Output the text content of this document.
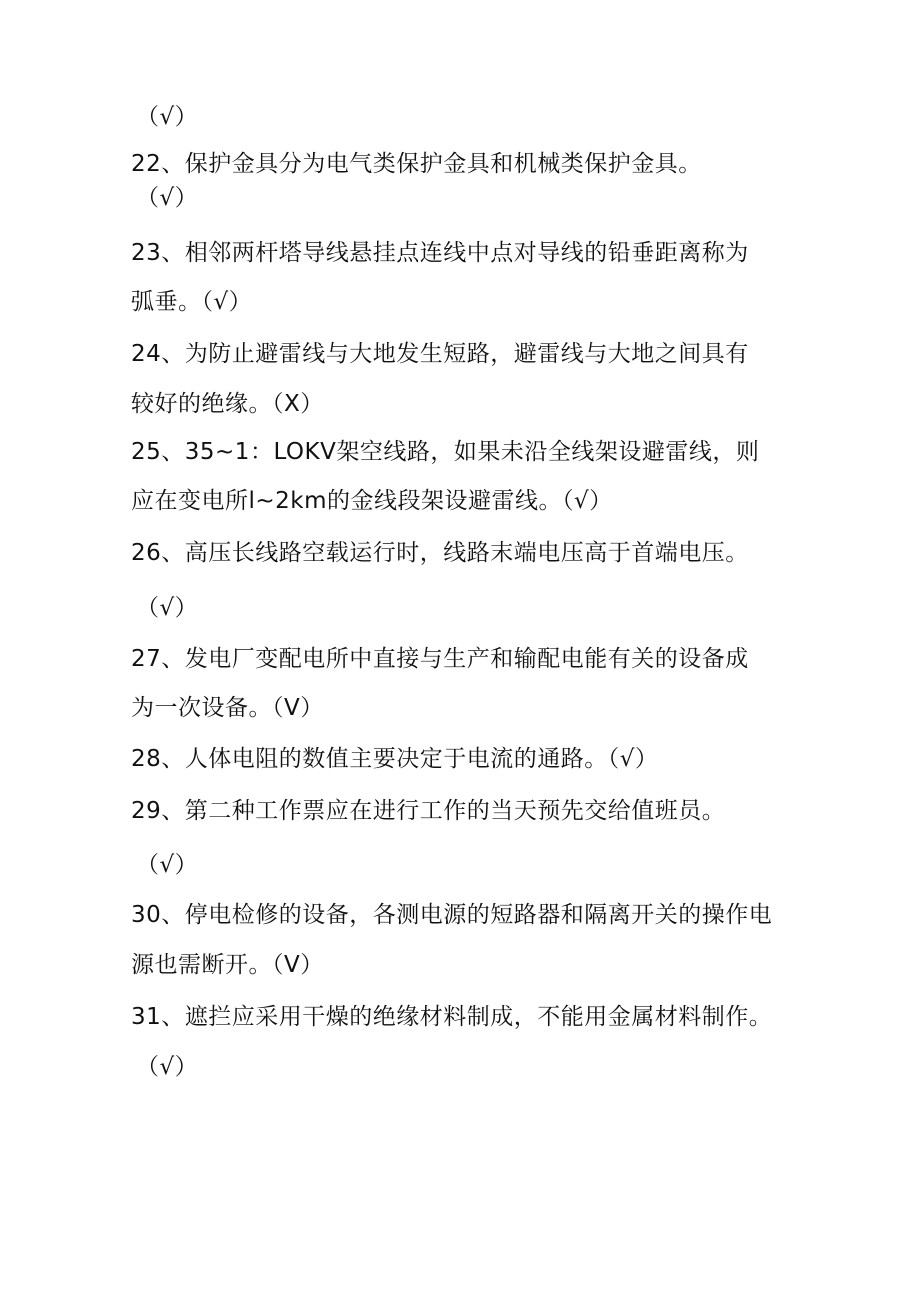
（√）
22、保护金具分为电气类保护金具和机械类保护金具。
（√）
23、相邻两杆塔导线悬挂点连线中点对导线的铅垂距离称为
弧垂。（√）
24、为防止避雷线与大地发生短路，避雷线与大地之间具有
较好的绝缘。（X）
25、35~1：LOKV架空线路，如果未沿全线架设避雷线，则
应在变电所l~2km的金线段架设避雷线。（√）
26、高压长线路空载运行时，线路末端电压高于首端电压。
（√）
27、发电厂变配电所中直接与生产和输配电能有关的设备成
为一次设备。（V）
28、人体电阻的数值主要决定于电流的通路。（√）
29、第二种工作票应在进行工作的当天预先交给值班员。
（√）
30、停电检修的设备，各测电源的短路器和隔离开关的操作电
源也需断开。（V）
31、遮拦应采用干燥的绝缘材料制成，不能用金属材料制作。
（√）
